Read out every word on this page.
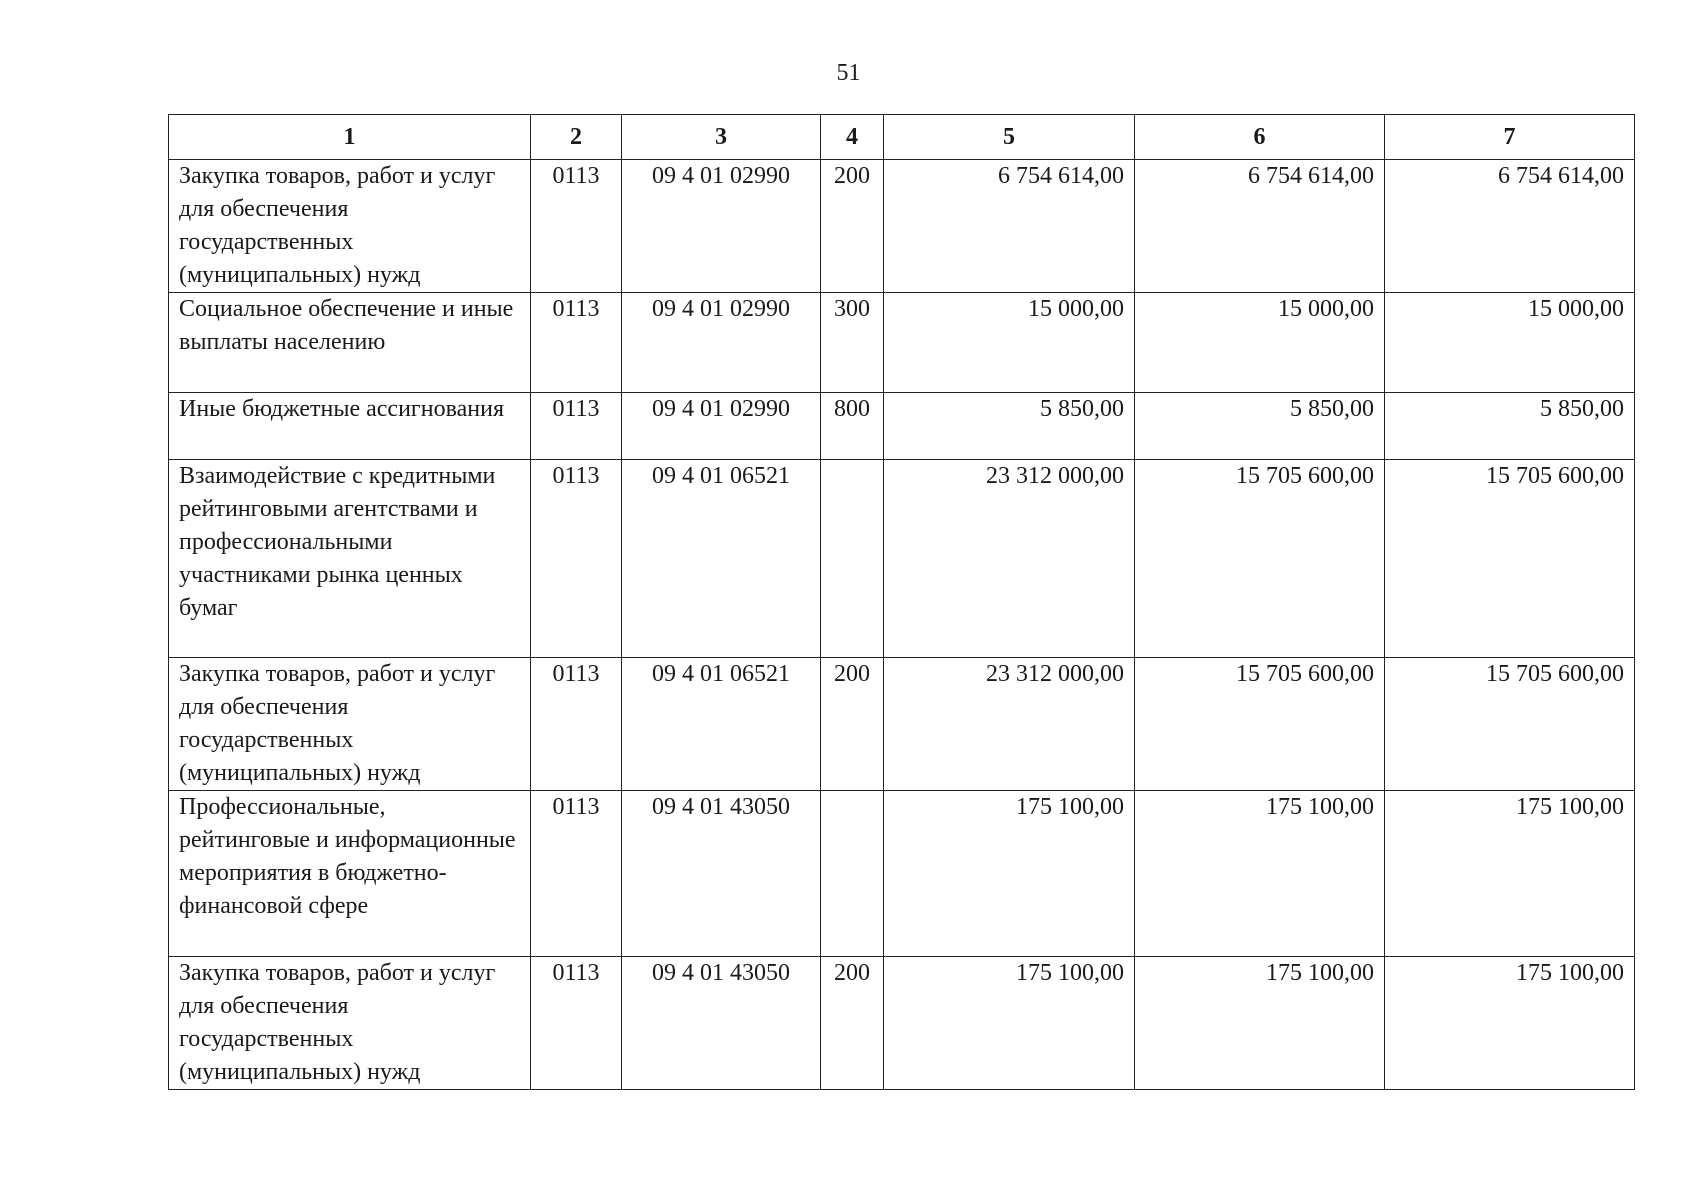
51
1	2	3	4	5	6	7
Закупка товаров, работ и услуг для обеспечения государственных (муниципальных) нужд	0113	09 4 01 02990	200	6 754 614,00	6 754 614,00	6 754 614,00
Социальное обеспечение и иные выплаты населению	0113	09 4 01 02990	300	15 000,00	15 000,00	15 000,00
Иные бюджетные ассигнования	0113	09 4 01 02990	800	5 850,00	5 850,00	5 850,00
Взаимодействие с кредитными рейтинговыми агентствами и профессиональными участниками рынка ценных бумаг	0113	09 4 01 06521		23 312 000,00	15 705 600,00	15 705 600,00
Закупка товаров, работ и услуг для обеспечения государственных (муниципальных) нужд	0113	09 4 01 06521	200	23 312 000,00	15 705 600,00	15 705 600,00
Профессиональные, рейтинговые и информационные мероприятия в бюджетно-финансовой сфере	0113	09 4 01 43050		175 100,00	175 100,00	175 100,00
Закупка товаров, работ и услуг для обеспечения государственных (муниципальных) нужд	0113	09 4 01 43050	200	175 100,00	175 100,00	175 100,00
